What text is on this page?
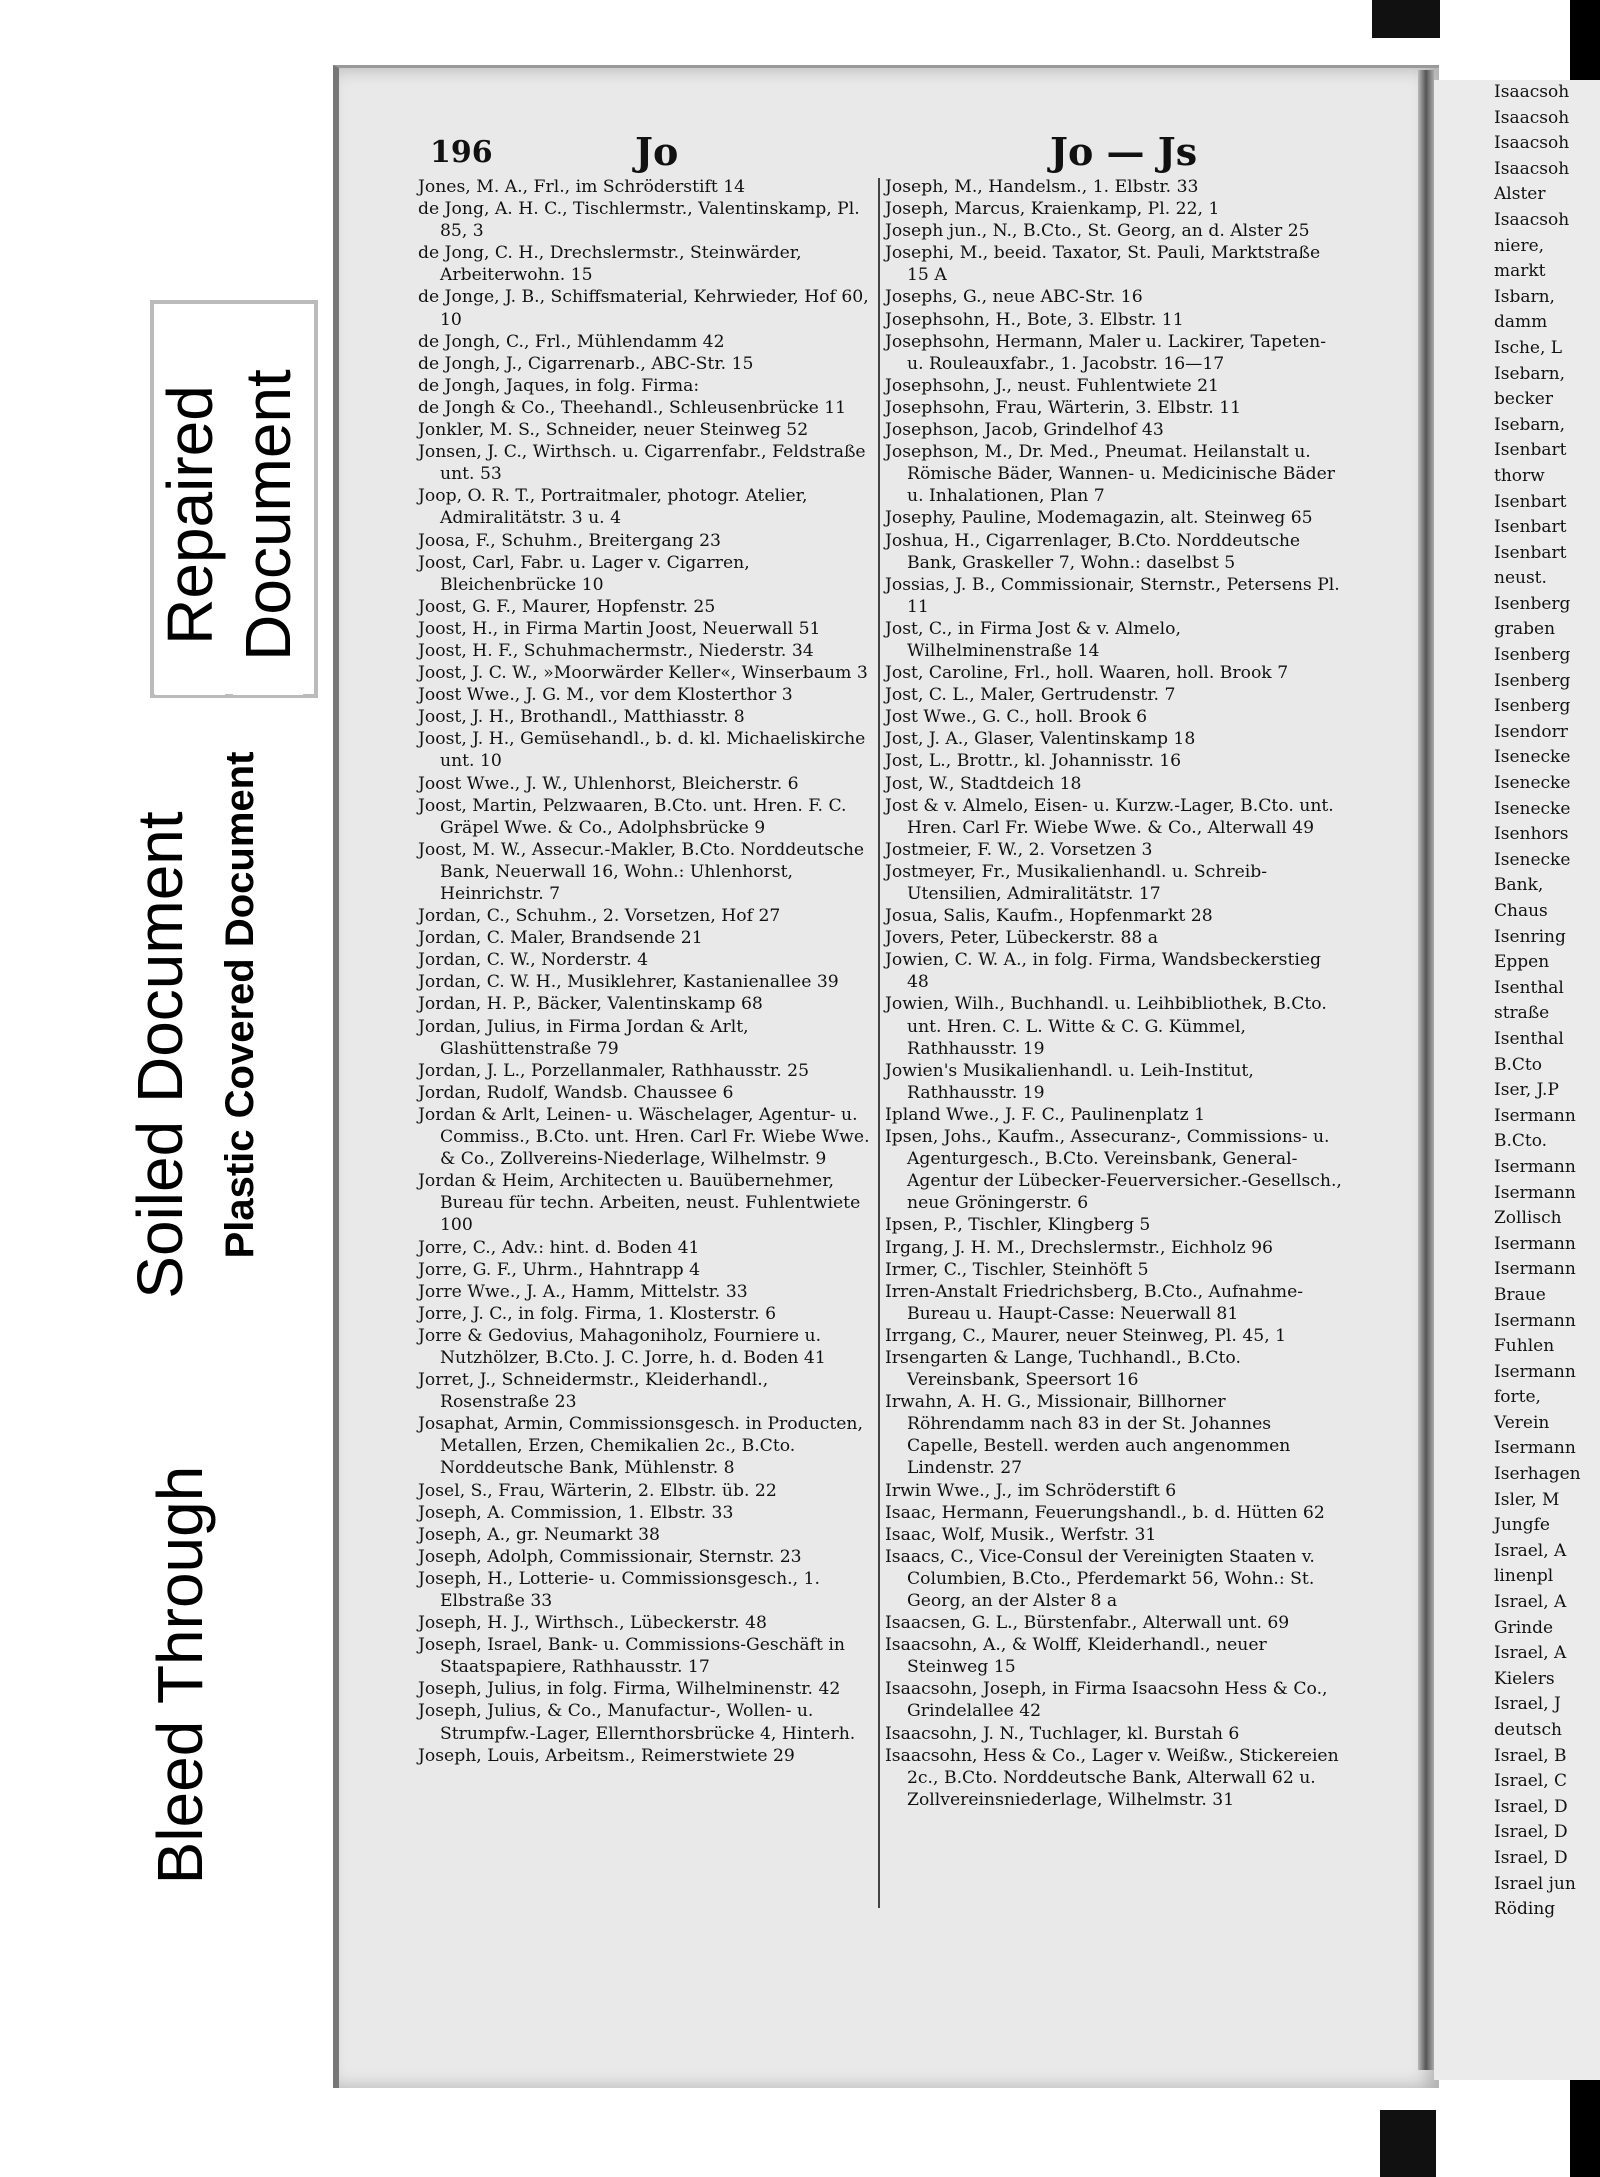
Bleed Through
Soiled Document Plastic Covered Document
Repaired Document
Isaacsoh
Isaacsoh
Isaacsoh
Isaacsoh
Alster
Isaacsoh
niere,
markt
Isbarn,
damm
Ische, L
Isebarn,
becker
Isebarn,
Isenbart
thorw
Isenbart
Isenbart
Isenbart
neust.
Isenberg
graben
Isenberg
Isenberg
Isenberg
Isendorr
Isenecke
Isenecke
Isenecke
Isenhors
Isenecke
Bank,
Chaus
Isenring
Eppen
Isenthal
straße
Isenthal
B.Cto
Iser, J.P
Isermann
B.Cto.
Isermann
Isermann
Zollisch
Isermann
Isermann
Braue
Isermann
Fuhlen
Isermann
forte,
Verein
Isermann
Iserhagen
Isler, M
Jungfe
Israel, A
linenpl
Israel, A
Grinde
Israel, A
Kielers
Israel, J
deutsch
Israel, B
Israel, C
Israel, D
Israel, D
Israel, D
Israel jun
Röding
196	Jo	Jo — Js

Jones, M. A., Frl., im Schröderstift 14

de Jong, A. H. C., Tischlermstr., Valentinskamp, Pl. 85, 3

de Jong, C. H., Drechslermstr., Steinwärder, Arbeiterwohn. 15

de Jonge, J. B., Schiffsmaterial, Kehrwieder, Hof 60, 10

de Jongh, C., Frl., Mühlendamm 42

de Jongh, J., Cigarrenarb., ABC-Str. 15

de Jongh, Jaques, in folg. Firma:

de Jongh & Co., Theehandl., Schleusenbrücke 11

Jonkler, M. S., Schneider, neuer Steinweg 52

Jonsen, J. C., Wirthsch. u. Cigarrenfabr., Feldstraße unt. 53

Joop, O. R. T., Portraitmaler, photogr. Atelier, Admiralitätstr. 3 u. 4

Joosa, F., Schuhm., Breitergang 23

Joost, Carl, Fabr. u. Lager v. Cigarren, Bleichenbrücke 10

Joost, G. F., Maurer, Hopfenstr. 25

Joost, H., in Firma Martin Joost, Neuerwall 51

Joost, H. F., Schuhmachermstr., Niederstr. 34

Joost, J. C. W., »Moorwärder Keller«, Winserbaum 3

Joost Wwe., J. G. M., vor dem Klosterthor 3

Joost, J. H., Brothandl., Matthiasstr. 8

Joost, J. H., Gemüsehandl., b. d. kl. Michaeliskirche unt. 10

Joost Wwe., J. W., Uhlenhorst, Bleicherstr. 6

Joost, Martin, Pelzwaaren, B.Cto. unt. Hren. F. C. Gräpel Wwe. & Co., Adolphsbrücke 9

Joost, M. W., Assecur.-Makler, B.Cto. Norddeutsche Bank, Neuerwall 16, Wohn.: Uhlenhorst, Heinrichstr. 7

Jordan, C., Schuhm., 2. Vorsetzen, Hof 27

Jordan, C. Maler, Brandsende 21

Jordan, C. W., Norderstr. 4

Jordan, C. W. H., Musiklehrer, Kastanienallee 39

Jordan, H. P., Bäcker, Valentinskamp 68

Jordan, Julius, in Firma Jordan & Arlt, Glashüttenstraße 79

Jordan, J. L., Porzellanmaler, Rathhausstr. 25

Jordan, Rudolf, Wandsb. Chaussee 6

Jordan & Arlt, Leinen- u. Wäschelager, Agentur- u. Commiss., B.Cto. unt. Hren. Carl Fr. Wiebe Wwe. & Co., Zollvereins-Niederlage, Wilhelmstr. 9

Jordan & Heim, Architecten u. Bauübernehmer, Bureau für techn. Arbeiten, neust. Fuhlentwiete 100

Jorre, C., Adv.: hint. d. Boden 41

Jorre, G. F., Uhrm., Hahntrapp 4

Jorre Wwe., J. A., Hamm, Mittelstr. 33

Jorre, J. C., in folg. Firma, 1. Klosterstr. 6

Jorre & Gedovius, Mahagoniholz, Fourniere u. Nutzhölzer, B.Cto. J. C. Jorre, h. d. Boden 41

Jorret, J., Schneidermstr., Kleiderhandl., Rosenstraße 23

Josaphat, Armin, Commissionsgesch. in Producten, Metallen, Erzen, Chemikalien 2c., B.Cto. Norddeutsche Bank, Mühlenstr. 8

Josel, S., Frau, Wärterin, 2. Elbstr. üb. 22

Joseph, A. Commission, 1. Elbstr. 33

Joseph, A., gr. Neumarkt 38

Joseph, Adolph, Commissionair, Sternstr. 23

Joseph, H., Lotterie- u. Commissionsgesch., 1. Elbstraße 33

Joseph, H. J., Wirthsch., Lübeckerstr. 48

Joseph, Israel, Bank- u. Commissions-Geschäft in Staatspapiere, Rathhausstr. 17

Joseph, Julius, in folg. Firma, Wilhelminenstr. 42

Joseph, Julius, & Co., Manufactur-, Wollen- u. Strumpfw.-Lager, Ellernthorsbrücke 4, Hinterh.

Joseph, Louis, Arbeitsm., Reimerstwiete 29

Joseph, M., Handelsm., 1. Elbstr. 33

Joseph, Marcus, Kraienkamp, Pl. 22, 1

Joseph jun., N., B.Cto., St. Georg, an d. Alster 25

Josephi, M., beeid. Taxator, St. Pauli, Marktstraße 15 A

Josephs, G., neue ABC-Str. 16

Josephsohn, H., Bote, 3. Elbstr. 11

Josephsohn, Hermann, Maler u. Lackirer, Tapeten- u. Rouleauxfabr., 1. Jacobstr. 16—17

Josephsohn, J., neust. Fuhlentwiete 21

Josephsohn, Frau, Wärterin, 3. Elbstr. 11

Josephson, Jacob, Grindelhof 43

Josephson, M., Dr. Med., Pneumat. Heilanstalt u. Römische Bäder, Wannen- u. Medicinische Bäder u. Inhalationen, Plan 7

Josephy, Pauline, Modemagazin, alt. Steinweg 65

Joshua, H., Cigarrenlager, B.Cto. Norddeutsche Bank, Graskeller 7, Wohn.: daselbst 5

Jossias, J. B., Commissionair, Sternstr., Petersens Pl. 11

Jost, C., in Firma Jost & v. Almelo, Wilhelminenstraße 14

Jost, Caroline, Frl., holl. Waaren, holl. Brook 7

Jost, C. L., Maler, Gertrudenstr. 7

Jost Wwe., G. C., holl. Brook 6

Jost, J. A., Glaser, Valentinskamp 18

Jost, L., Brottr., kl. Johannisstr. 16

Jost, W., Stadtdeich 18

Jost & v. Almelo, Eisen- u. Kurzw.-Lager, B.Cto. unt. Hren. Carl Fr. Wiebe Wwe. & Co., Alterwall 49

Jostmeier, F. W., 2. Vorsetzen 3

Jostmeyer, Fr., Musikalienhandl. u. Schreib-Utensilien, Admiralitätstr. 17

Josua, Salis, Kaufm., Hopfenmarkt 28

Jovers, Peter, Lübeckerstr. 88 a

Jowien, C. W. A., in folg. Firma, Wandsbeckerstieg 48

Jowien, Wilh., Buchhandl. u. Leihbibliothek, B.Cto. unt. Hren. C. L. Witte & C. G. Kümmel, Rathhausstr. 19

Jowien's Musikalienhandl. u. Leih-Institut, Rathhausstr. 19

Ipland Wwe., J. F. C., Paulinenplatz 1

Ipsen, Johs., Kaufm., Assecuranz-, Commissions- u. Agenturgesch., B.Cto. Vereinsbank, General-Agentur der Lübecker-Feuerversicher.-Gesellsch., neue Gröningerstr. 6

Ipsen, P., Tischler, Klingberg 5

Irgang, J. H. M., Drechslermstr., Eichholz 96

Irmer, C., Tischler, Steinhöft 5

Irren-Anstalt Friedrichsberg, B.Cto., Aufnahme-Bureau u. Haupt-Casse: Neuerwall 81

Irrgang, C., Maurer, neuer Steinweg, Pl. 45, 1

Irsengarten & Lange, Tuchhandl., B.Cto. Vereinsbank, Speersort 16

Irwahn, A. H. G., Missionair, Billhorner Röhrendamm nach 83 in der St. Johannes Capelle, Bestell. werden auch angenommen Lindenstr. 27

Irwin Wwe., J., im Schröderstift 6

Isaac, Hermann, Feuerungshandl., b. d. Hütten 62

Isaac, Wolf, Musik., Werfstr. 31

Isaacs, C., Vice-Consul der Vereinigten Staaten v. Columbien, B.Cto., Pferdemarkt 56, Wohn.: St. Georg, an der Alster 8 a

Isaacsen, G. L., Bürstenfabr., Alterwall unt. 69

Isaacsohn, A., & Wolff, Kleiderhandl., neuer Steinweg 15

Isaacsohn, Joseph, in Firma Isaacsohn Hess & Co., Grindelallee 42

Isaacsohn, J. N., Tuchlager, kl. Burstah 6

Isaacsohn, Hess & Co., Lager v. Weißw., Stickereien 2c., B.Cto. Norddeutsche Bank, Alterwall 62 u. Zollvereinsniederlage, Wilhelmstr. 31
